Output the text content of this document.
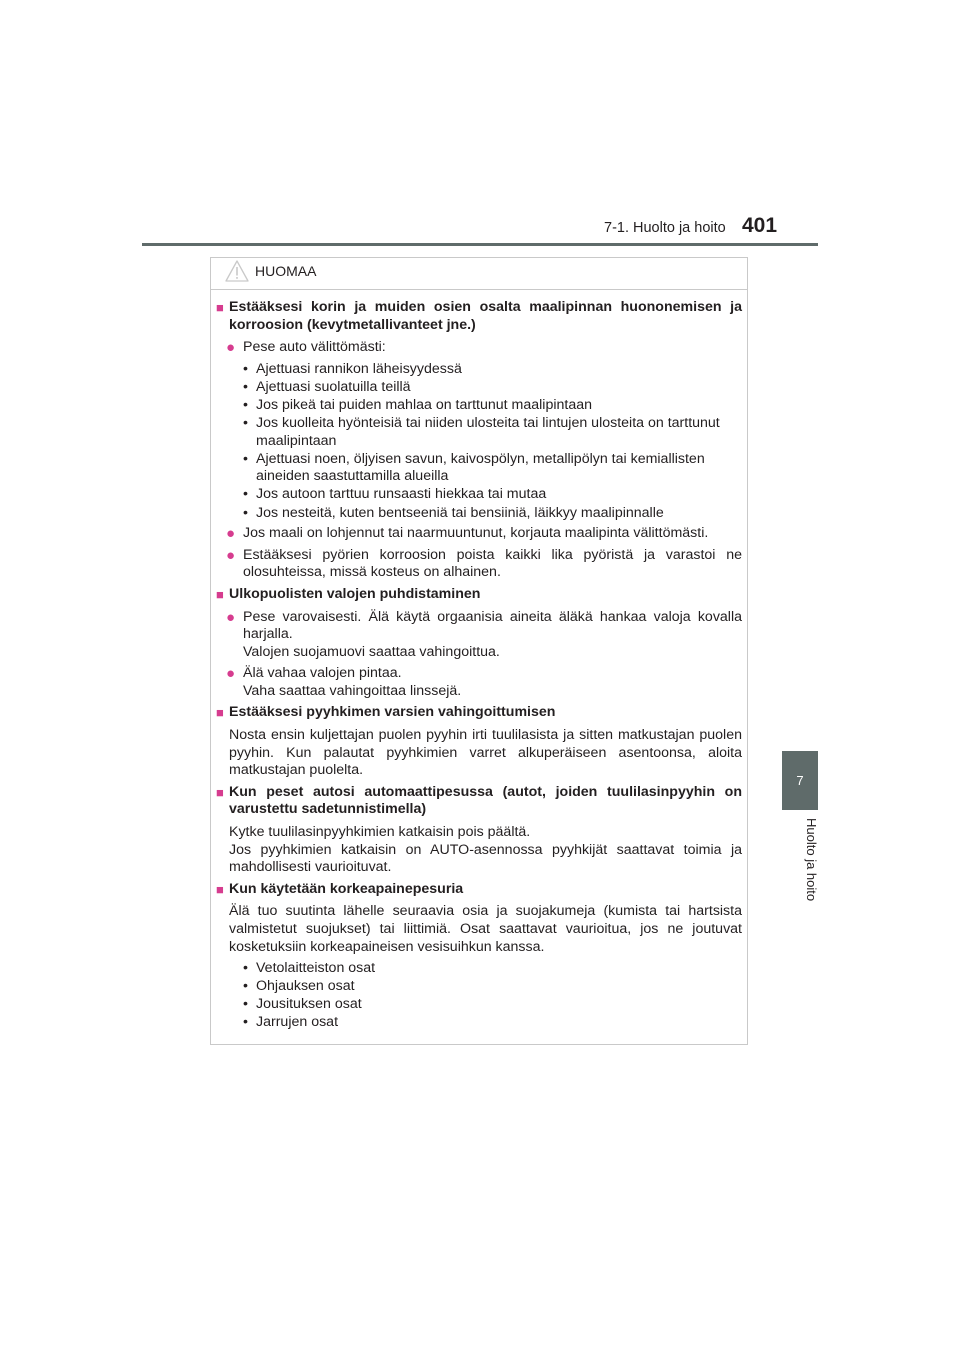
7-1. Huolto ja hoito 401
7
Huolto ja hoito
HUOMAA
■ Estääksesi korin ja muiden osien osalta maalipinnan huononemisen ja korroosion (kevytmetallivanteet jne.)
● Pese auto välittömästi:
• Ajettuasi rannikon läheisyydessä
• Ajettuasi suolatuilla teillä
• Jos pikeä tai puiden mahlaa on tarttunut maalipintaan
• Jos kuolleita hyönteisiä tai niiden ulosteita tai lintujen ulosteita on tarttunut maalipintaan
• Ajettuasi noen, öljyisen savun, kaivospölyn, metallipölyn tai kemiallisten aineiden saastuttamilla alueilla
• Jos autoon tarttuu runsaasti hiekkaa tai mutaa
• Jos nesteitä, kuten bentseeniä tai bensiiniä, läikkyy maalipinnalle
● Jos maali on lohjennut tai naarmuuntunut, korjauta maalipinta välittömästi.
● Estääksesi pyörien korroosion poista kaikki lika pyöristä ja varastoi ne olosuhteissa, missä kosteus on alhainen.
■ Ulkopuolisten valojen puhdistaminen
● Pese varovaisesti. Älä käytä orgaanisia aineita äläkä hankaa valoja kovalla harjalla.
Valojen suojamuovi saattaa vahingoittua.
● Älä vahaa valojen pintaa.
Vaha saattaa vahingoittaa linssejä.
■ Estääksesi pyyhkimen varsien vahingoittumisen
Nosta ensin kuljettajan puolen pyyhin irti tuulilasista ja sitten matkustajan puolen pyyhin. Kun palautat pyyhkimien varret alkuperäiseen asentoonsa, aloita matkustajan puolelta.
■ Kun peset autosi automaattipesussa (autot, joiden tuulilasinpyyhin on varustettu sadetunnistimella)
Kytke tuulilasinpyyhkimien katkaisin pois päältä.
Jos pyyhkimien katkaisin on AUTO-asennossa pyyhkijät saattavat toimia ja mahdollisesti vaurioituvat.
■ Kun käytetään korkeapainepesuria
Älä tuo suutinta lähelle seuraavia osia ja suojakumeja (kumista tai hartsista valmistetut suojukset) tai liittimiä. Osat saattavat vaurioitua, jos ne joutuvat kosketuksiin korkeapaineisen vesisuihkun kanssa.
• Vetolaitteiston osat
• Ohjauksen osat
• Jousituksen osat
• Jarrujen osat
